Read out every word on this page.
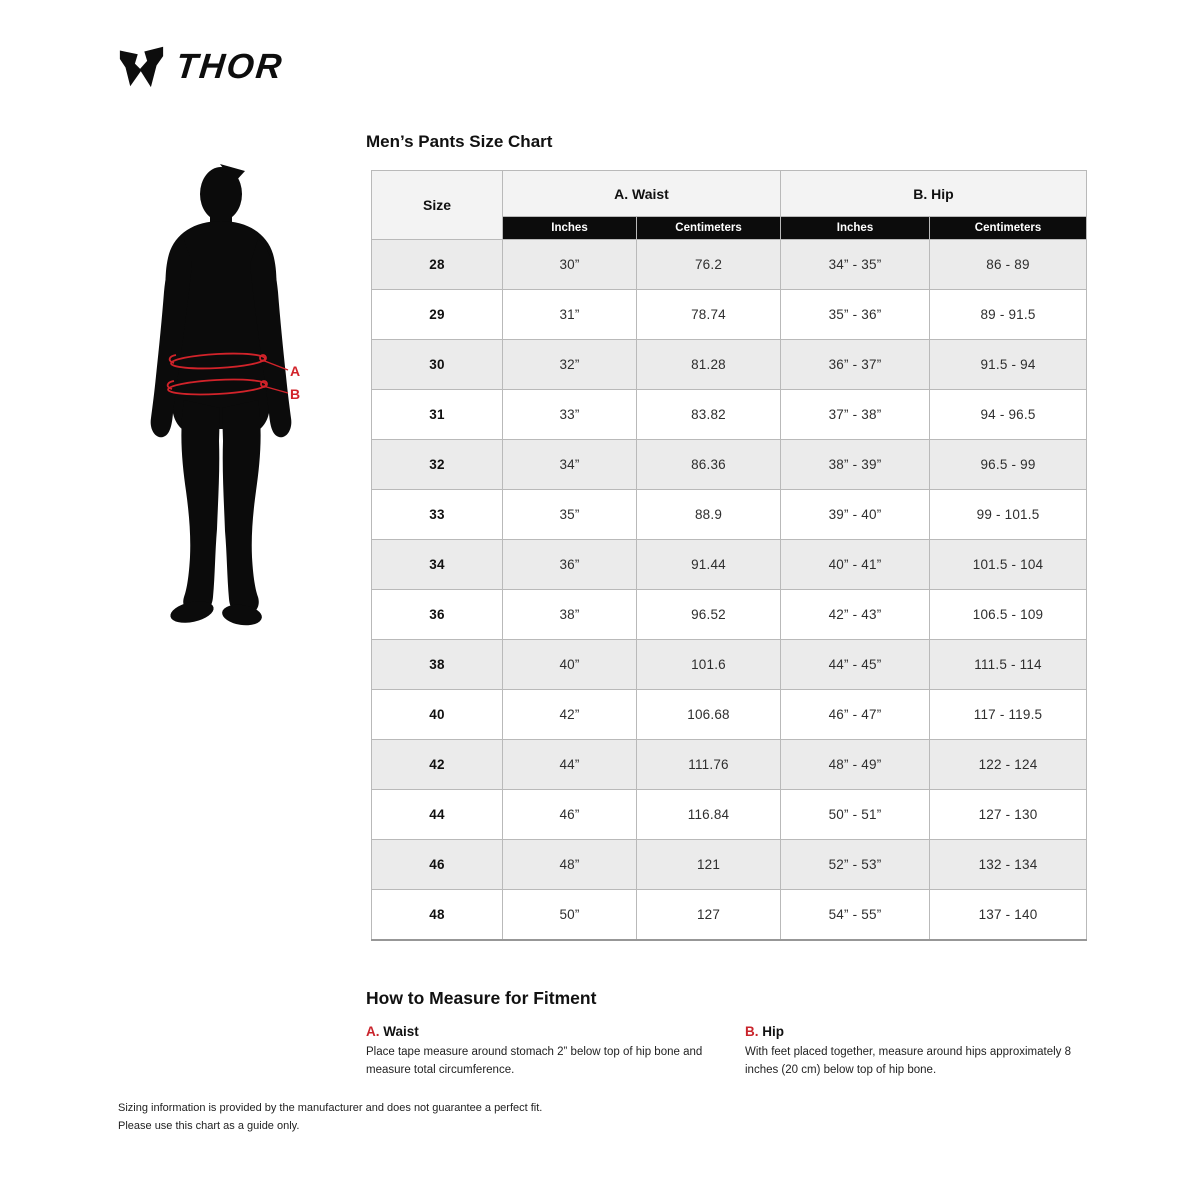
THOR
A
B
Men’s Pants Size Chart
Size	A. Waist		B. Hip	
	Inches	Centimeters	Inches	Centimeters
28	30”	76.2	34” - 35”	86 - 89
29	31”	78.74	35” - 36”	89 - 91.5
30	32”	81.28	36” - 37”	91.5 - 94
31	33”	83.82	37” - 38”	94 - 96.5
32	34”	86.36	38” - 39”	96.5 - 99
33	35”	88.9	39” - 40”	99 - 101.5
34	36”	91.44	40” - 41”	101.5 - 104
36	38”	96.52	42” - 43”	106.5 - 109
38	40”	101.6	44” - 45”	111.5 - 114
40	42”	106.68	46” - 47”	117 - 119.5
42	44”	111.76	48” - 49”	122 - 124
44	46”	116.84	50” - 51”	127 - 130
46	48”	121	52” - 53”	132 - 134
48	50”	127	54” - 55”	137 - 140
How to Measure for Fitment
A. Waist
Place tape measure around stomach 2” below top of hip bone and measure total circumference.
B. Hip
With feet placed together, measure around hips approximately 8 inches (20 cm) below top of hip bone.
Sizing information is provided by the manufacturer and does not guarantee a perfect fit.
Please use this chart as a guide only.
